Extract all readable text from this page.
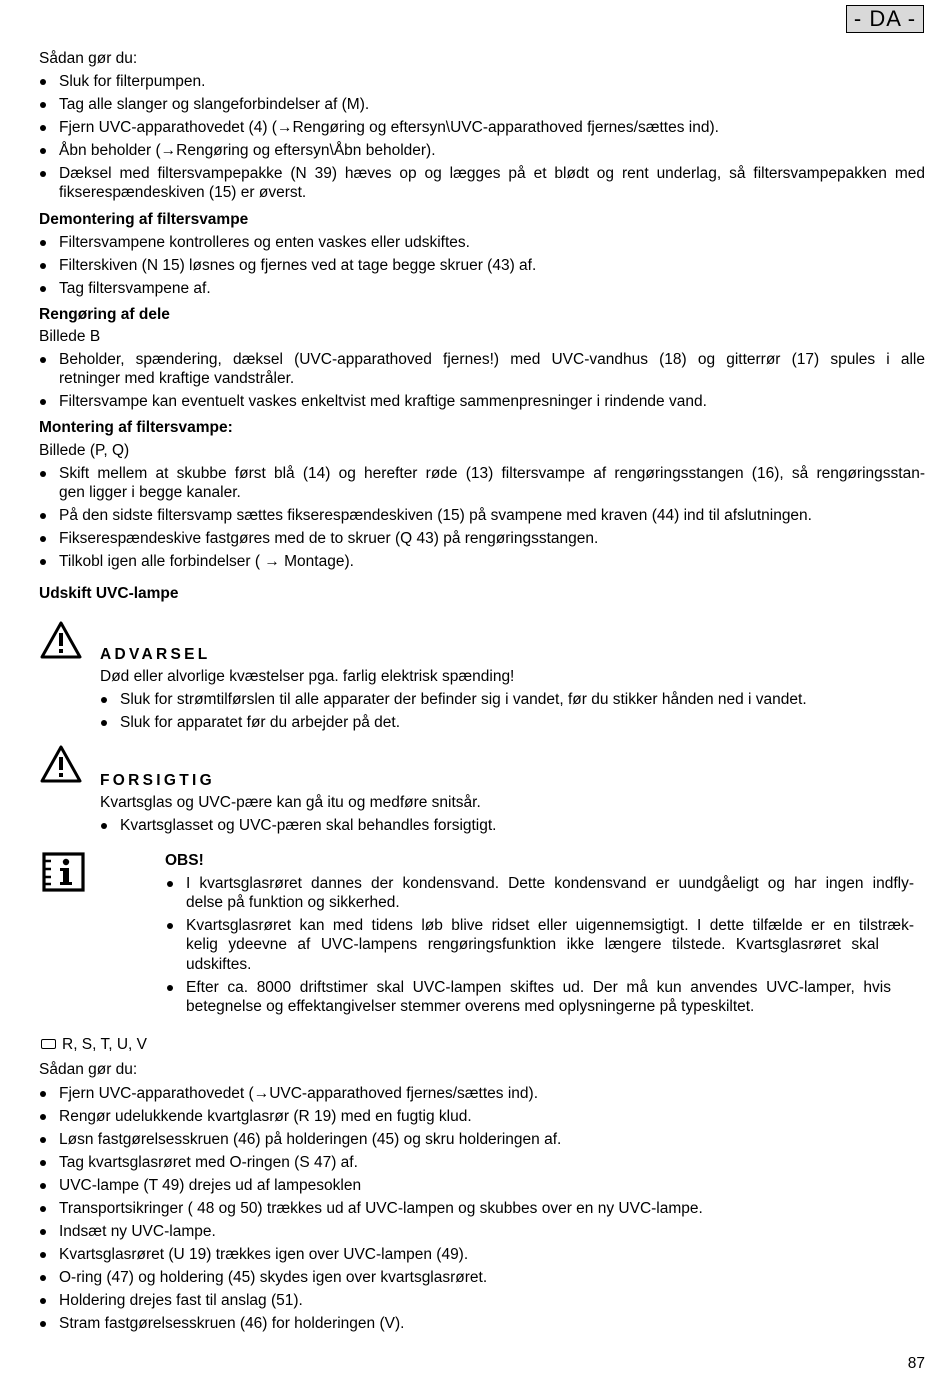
- DA -
Sådan gør du:
Sluk for filterpumpen.
Tag alle slanger og slangeforbindelser af (M).
Fjern UVC-apparathovedet (4) (→Rengøring og eftersyn\UVC-apparathoved fjernes/sættes ind).
Åbn beholder (→Rengøring og eftersyn\Åbn beholder).
Dæksel med filtersvampepakke (N 39) hæves op og lægges på et blødt og rent underlag, så filtersvampepakken med
fikserespændeskiven (15) er øverst.
Demontering af filtersvampe
Filtersvampene kontrolleres og enten vaskes eller udskiftes.
Filterskiven (N 15) løsnes og fjernes ved at tage begge skruer (43) af.
Tag filtersvampene af.
Rengøring af dele
Billede B
Beholder, spændering, dæksel (UVC-apparathoved fjernes!) med UVC-vandhus (18) og gitterrør (17) spules i alle
retninger med kraftige vandstråler.
Filtersvampe kan eventuelt vaskes enkeltvist med kraftige sammenpresninger i rindende vand.
Montering af filtersvampe:
Billede (P, Q)
Skift mellem at skubbe først blå (14) og herefter røde (13) filtersvampe af rengøringsstangen (16), så rengøringsstan-
gen ligger i begge kanaler.
På den sidste filtersvamp sættes fikserespændeskiven (15) på svampene med kraven (44) ind til afslutningen.
Fikserespændeskive fastgøres med de to skruer (Q 43) på rengøringsstangen.
Tilkobl igen alle forbindelser ( → Montage).
Udskift UVC-lampe
ADVARSEL
Død eller alvorlige kvæstelser pga. farlig elektrisk spænding!
Sluk for strømtilførslen til alle apparater der befinder sig i vandet, før du stikker hånden ned i vandet.
Sluk for apparatet før du arbejder på det.
FORSIGTIG
Kvartsglas og UVC-pære kan gå itu og medføre snitsår.
Kvartsglasset og UVC-pæren skal behandles forsigtigt.
OBS!
I kvartsglasrøret dannes der kondensvand. Dette kondensvand er uundgåeligt og har ingen indfly-
delse på funktion og sikkerhed.
Kvartsglasrøret kan med tidens løb blive ridset eller uigennemsigtigt. I dette tilfælde er en tilstræk-
kelig ydeevne af UVC-lampens rengøringsfunktion ikke længere tilstede. Kvartsglasrøret skal
udskiftes.
Efter ca. 8000 driftstimer skal UVC-lampen skiftes ud. Der må kun anvendes UVC-lamper, hvis
betegnelse og effektangivelser stemmer overens med oplysningerne på typeskiltet.
R, S, T, U, V
Sådan gør du:
Fjern UVC-apparathovedet (→UVC-apparathoved fjernes/sættes ind).
Rengør udelukkende kvartglasrør (R 19) med en fugtig klud.
Løsn fastgørelsesskruen (46) på holderingen (45) og skru holderingen af.
Tag kvartsglasrøret med O-ringen (S 47) af.
UVC-lampe (T 49) drejes ud af lampesoklen
Transportsikringer ( 48 og 50) trækkes ud af UVC-lampen og skubbes over en ny UVC-lampe.
Indsæt ny UVC-lampe.
Kvartsglasrøret (U 19) trækkes igen over UVC-lampen (49).
O-ring (47) og holdering (45) skydes igen over kvartsglasrøret.
Holdering drejes fast til anslag (51).
Stram fastgørelsesskruen (46) for holderingen (V).
87
